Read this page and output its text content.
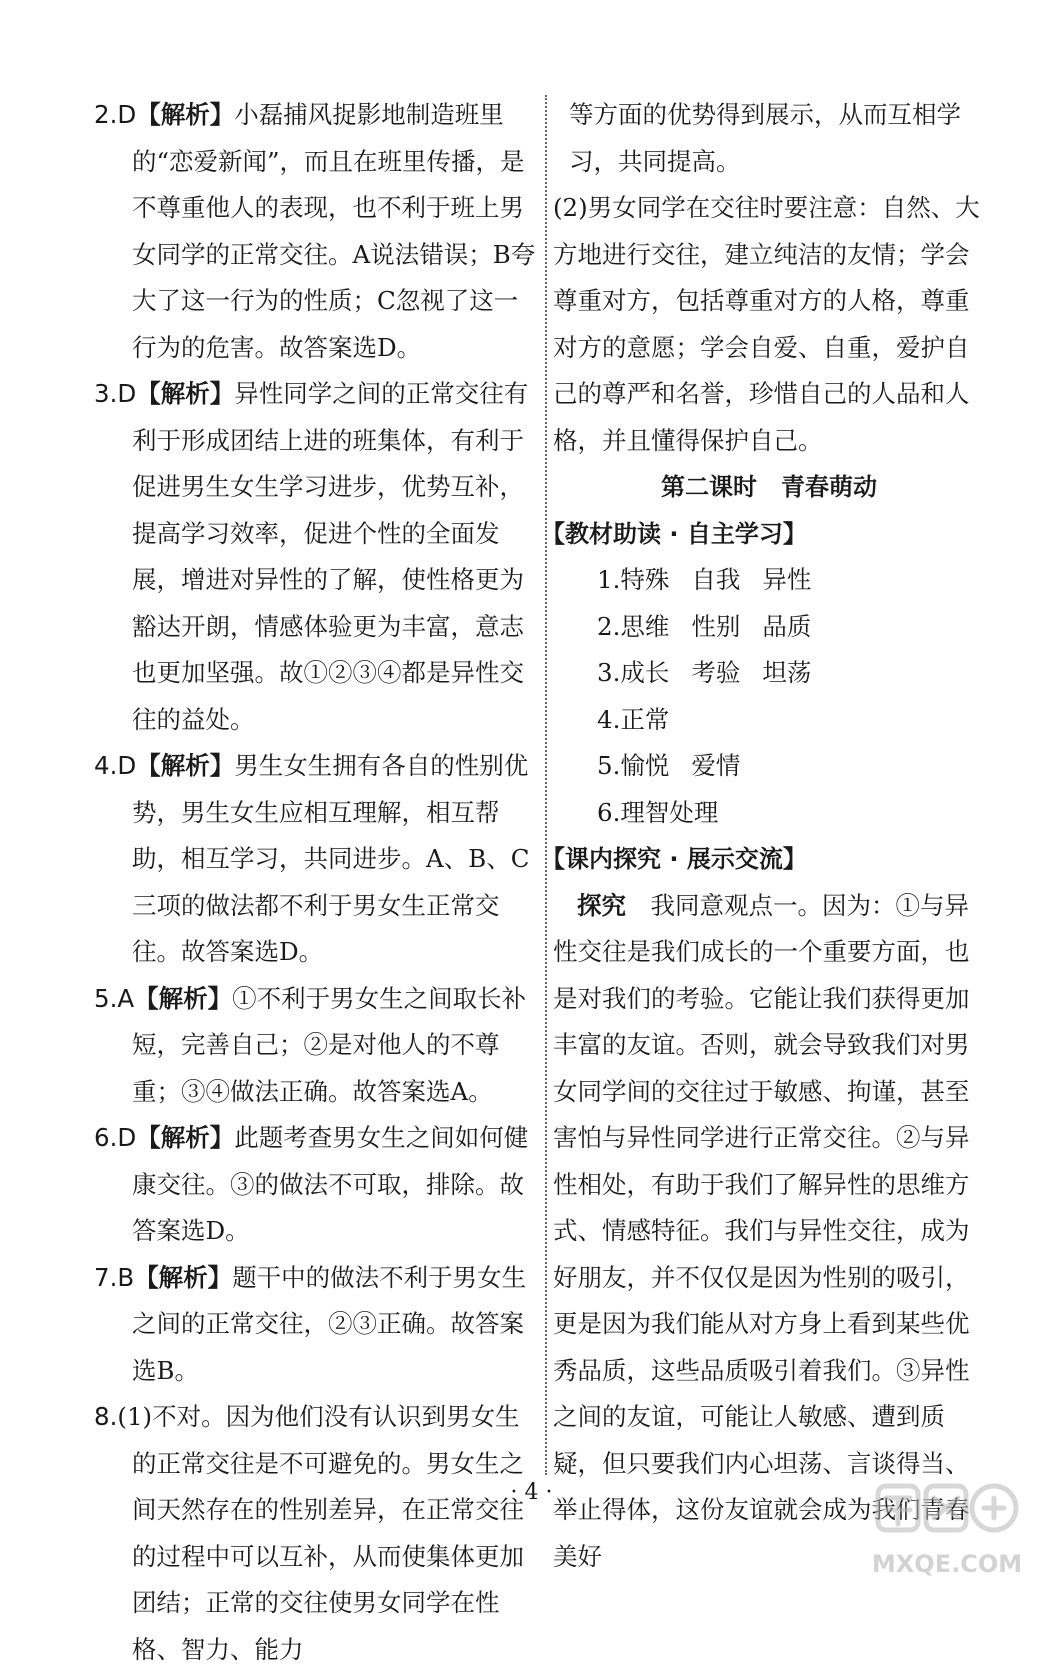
2.D【解析】小磊捕风捉影地制造班里的“恋爱新闻”，而且在班里传播，是不尊重他人的表现，也不利于班上男女同学的正常交往。A说法错误；B夸大了这一行为的性质；C忽视了这一行为的危害。故答案选D。

3.D【解析】异性同学之间的正常交往有利于形成团结上进的班集体，有利于促进男生女生学习进步，优势互补，提高学习效率，促进个性的全面发展，增进对异性的了解，使性格更为豁达开朗，情感体验更为丰富，意志也更加坚强。故①②③④都是异性交往的益处。

4.D【解析】男生女生拥有各自的性别优势，男生女生应相互理解，相互帮助，相互学习，共同进步。A、B、C三项的做法都不利于男女生正常交往。故答案选D。

5.A【解析】①不利于男女生之间取长补短，完善自己；②是对他人的不尊重；③④做法正确。故答案选A。

6.D【解析】此题考查男女生之间如何健康交往。③的做法不可取，排除。故答案选D。

7.B【解析】题干中的做法不利于男女生之间的正常交往，②③正确。故答案选B。

8.(1)不对。因为他们没有认识到男女生的正常交往是不可避免的。男女生之间天然存在的性别差异，在正常交往的过程中可以互补，从而使集体更加团结；正常的交往使男女同学在性格、智力、能力

等方面的优势得到展示，从而互相学习，共同提高。

(2)男女同学在交往时要注意：自然、大方地进行交往，建立纯洁的友情；学会尊重对方，包括尊重对方的人格，尊重对方的意愿；学会自爱、自重，爱护自己的尊严和名誉，珍惜自己的人品和人格，并且懂得保护自己。

第二课时　青春萌动

【教材助读 · 自主学习】

1.特殊 自我 异性

2.思维 性别 品质

3.成长 考验 坦荡

4.正常

5.愉悦 爱情

6.理智处理

【课内探究 · 展示交流】

探究　 我同意观点一。因为：①与异性交往是我们成长的一个重要方面，也是对我们的考验。它能让我们获得更加丰富的友谊。否则，就会导致我们对男女同学间的交往过于敏感、拘谨，甚至害怕与异性同学进行正常交往。②与异性相处，有助于我们了解异性的思维方式、情感特征。我们与异性交往，成为好朋友，并不仅仅是因为性别的吸引，更是因为我们能从对方身上看到某些优秀品质，这些品质吸引着我们。③异性之间的友谊，可能让人敏感、遭到质疑，但只要我们内心坦荡、言谈得当、举止得体，这份友谊就会成为我们青春美好

· 4 ·
MXQE.COM
